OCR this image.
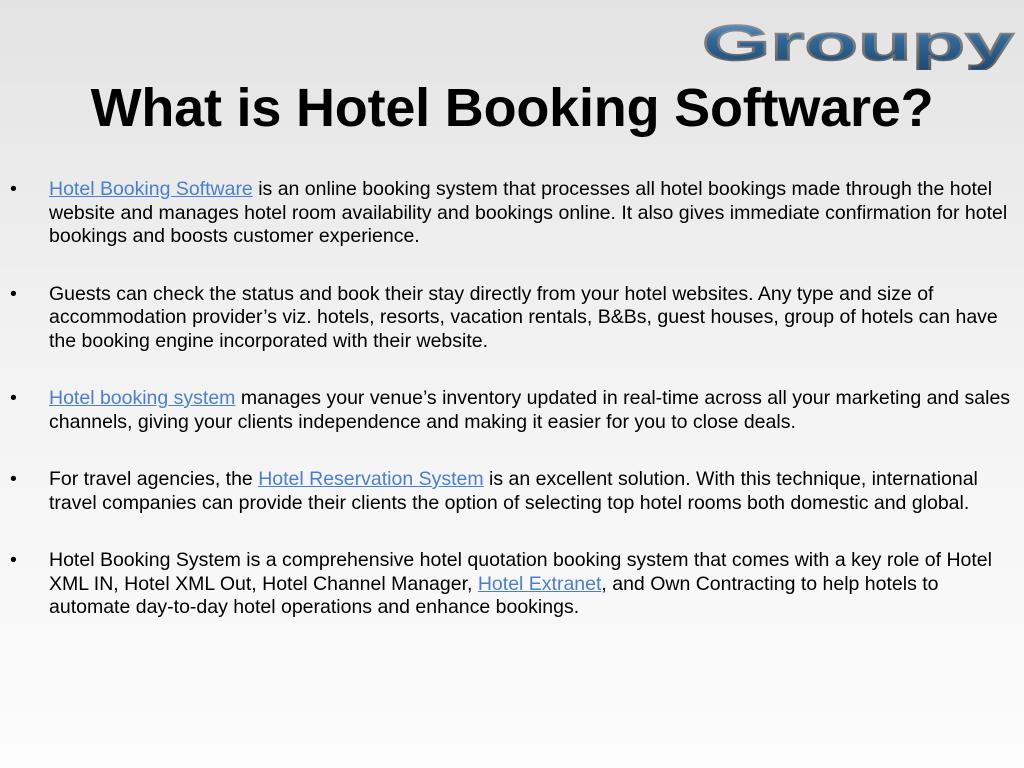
Groupy
What is Hotel Booking Software?
•	Hotel Booking Software is an online booking system that processes all hotel bookings made through the hotel website and manages hotel room availability and bookings online. It also gives immediate confirmation for hotel bookings and boosts customer experience.
•	Guests can check the status and book their stay directly from your hotel websites. Any type and size of accommodation provider’s viz. hotels, resorts, vacation rentals, B&Bs, guest houses, group of hotels can have the booking engine incorporated with their website.
•	Hotel booking system manages your venue’s inventory updated in real-time across all your marketing and sales channels, giving your clients independence and making it easier for you to close deals.
•	For travel agencies, the Hotel Reservation System is an excellent solution. With this technique, international travel companies can provide their clients the option of selecting top hotel rooms both domestic and global.
•	Hotel Booking System is a comprehensive hotel quotation booking system that comes with a key role of Hotel XML IN, Hotel XML Out, Hotel Channel Manager, Hotel Extranet, and Own Contracting to help hotels to automate day-to-day hotel operations and enhance bookings.
